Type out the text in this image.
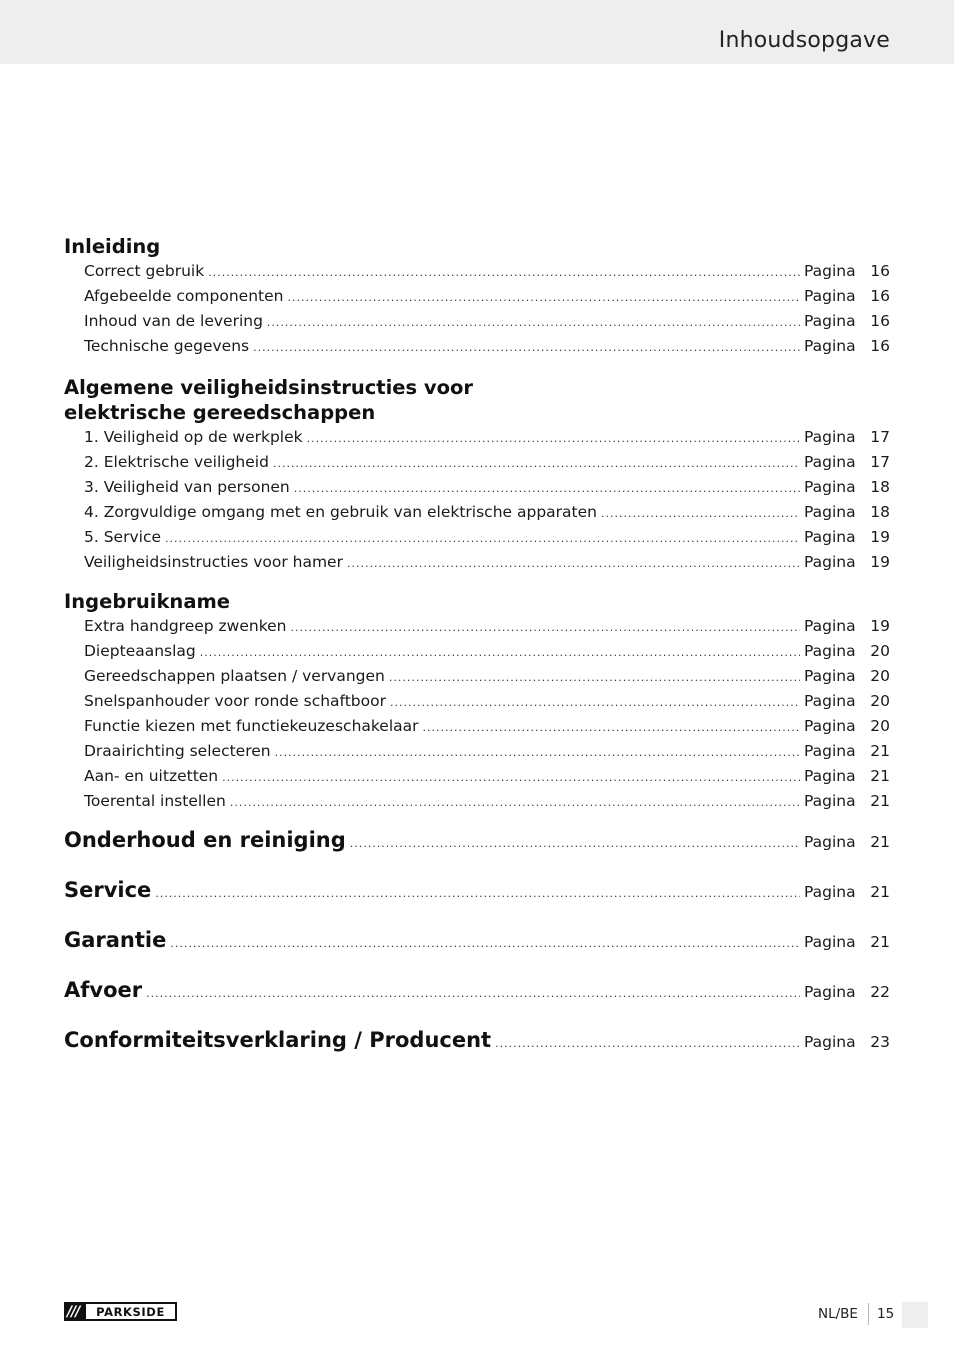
Inhoudsopgave
Inleiding
Correct gebruik .....	Pagina 16
Afgebeelde componenten .....	Pagina 16
Inhoud van de levering .....	Pagina 16
Technische gegevens .....	Pagina 16
Algemene veiligheidsinstructies voor
elektrische gereedschappen
1. Veiligheid op de werkplek .....	Pagina 17
2. Elektrische veiligheid .....	Pagina 17
3. Veiligheid van personen .....	Pagina 18
4. Zorgvuldige omgang met en gebruik van elektrische apparaten .....	Pagina 18
5. Service .....	Pagina 19
Veiligheidsinstructies voor hamer .....	Pagina 19
Ingebruikname
Extra handgreep zwenken .....	Pagina 19
Diepteaanslag .....	Pagina 20
Gereedschappen plaatsen / vervangen .....	Pagina 20
Snelspanhouder voor ronde schaftboor .....	Pagina 20
Functie kiezen met functiekeuzeschakelaar .....	Pagina 20
Draairichting selecteren .....	Pagina 21
Aan- en uitzetten .....	Pagina 21
Toerental instellen .....	Pagina 21
Onderhoud en reiniging .....	Pagina 21
Service .....	Pagina 21
Garantie .....	Pagina 21
Afvoer .....	Pagina 22
Conformiteitsverklaring / Producent .....	Pagina 23
///	PARKSIDE	NL/BE 15
